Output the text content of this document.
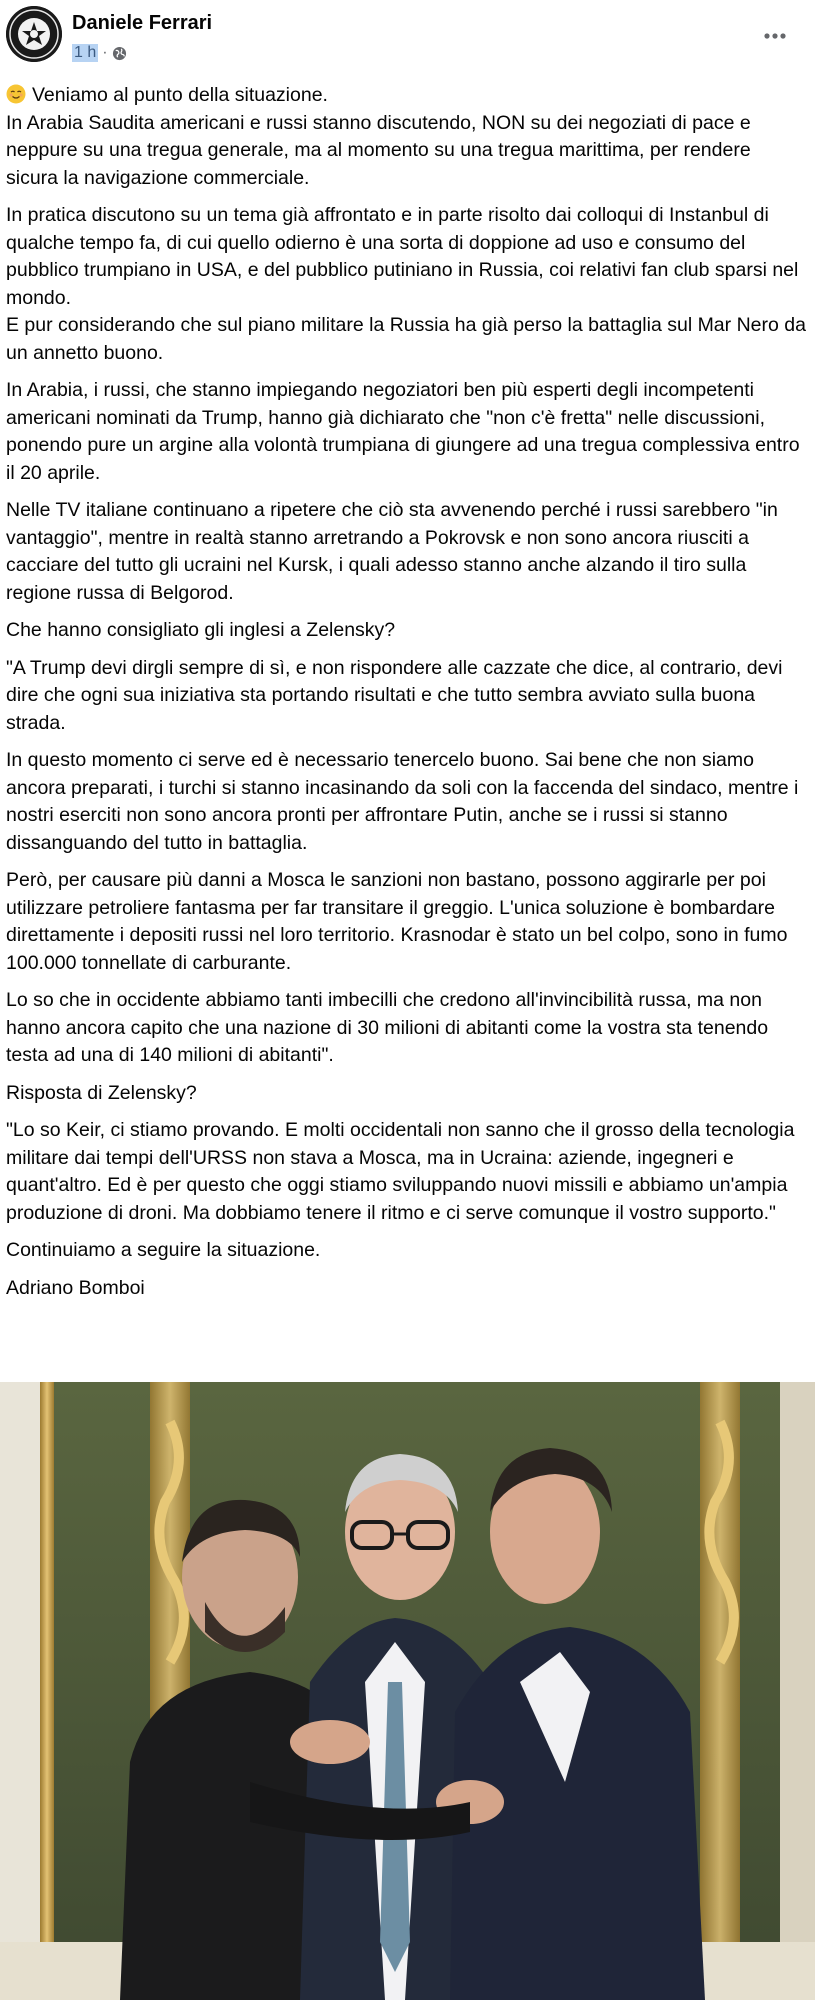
Daniele Ferrari
1 h ·

Veniamo al punto della situazione.
In Arabia Saudita americani e russi stanno discutendo, NON su dei negoziati di pace e neppure su una tregua generale, ma al momento su una tregua marittima, per rendere sicura la navigazione commerciale.

In pratica discutono su un tema già affrontato e in parte risolto dai colloqui di Instanbul di qualche tempo fa, di cui quello odierno è una sorta di doppione ad uso e consumo del pubblico trumpiano in USA, e del pubblico putiniano in Russia, coi relativi fan club sparsi nel mondo.
E pur considerando che sul piano militare la Russia ha già perso la battaglia sul Mar Nero da un annetto buono.

In Arabia, i russi, che stanno impiegando negoziatori ben più esperti degli incompetenti americani nominati da Trump, hanno già dichiarato che "non c'è fretta" nelle discussioni, ponendo pure un argine alla volontà trumpiana di giungere ad una tregua complessiva entro il 20 aprile.

Nelle TV italiane continuano a ripetere che ciò sta avvenendo perché i russi sarebbero "in vantaggio", mentre in realtà stanno arretrando a Pokrovsk e non sono ancora riusciti a cacciare del tutto gli ucraini nel Kursk, i quali adesso stanno anche alzando il tiro sulla regione russa di Belgorod.

Che hanno consigliato gli inglesi a Zelensky?

"A Trump devi dirgli sempre di sì, e non rispondere alle cazzate che dice, al contrario, devi dire che ogni sua iniziativa sta portando risultati e che tutto sembra avviato sulla buona strada.

In questo momento ci serve ed è necessario tenercelo buono. Sai bene che non siamo ancora preparati, i turchi si stanno incasinando da soli con la faccenda del sindaco, mentre i nostri eserciti non sono ancora pronti per affrontare Putin, anche se i russi si stanno dissanguando del tutto in battaglia.

Però, per causare più danni a Mosca le sanzioni non bastano, possono aggirarle per poi utilizzare petroliere fantasma per far transitare il greggio. L'unica soluzione è bombardare direttamente i depositi russi nel loro territorio. Krasnodar è stato un bel colpo, sono in fumo 100.000 tonnellate di carburante.

Lo so che in occidente abbiamo tanti imbecilli che credono all'invincibilità russa, ma non hanno ancora capito che una nazione di 30 milioni di abitanti come la vostra sta tenendo testa ad una di 140 milioni di abitanti".

Risposta di Zelensky?

"Lo so Keir, ci stiamo provando. E molti occidentali non sanno che il grosso della tecnologia militare dai tempi dell'URSS non stava a Mosca, ma in Ucraina: aziende, ingegneri e quant'altro. Ed è per questo che oggi stiamo sviluppando nuovi missili e abbiamo un'ampia produzione di droni. Ma dobbiamo tenere il ritmo e ci serve comunque il vostro supporto."

Continuiamo a seguire la situazione.

Adriano Bomboi
